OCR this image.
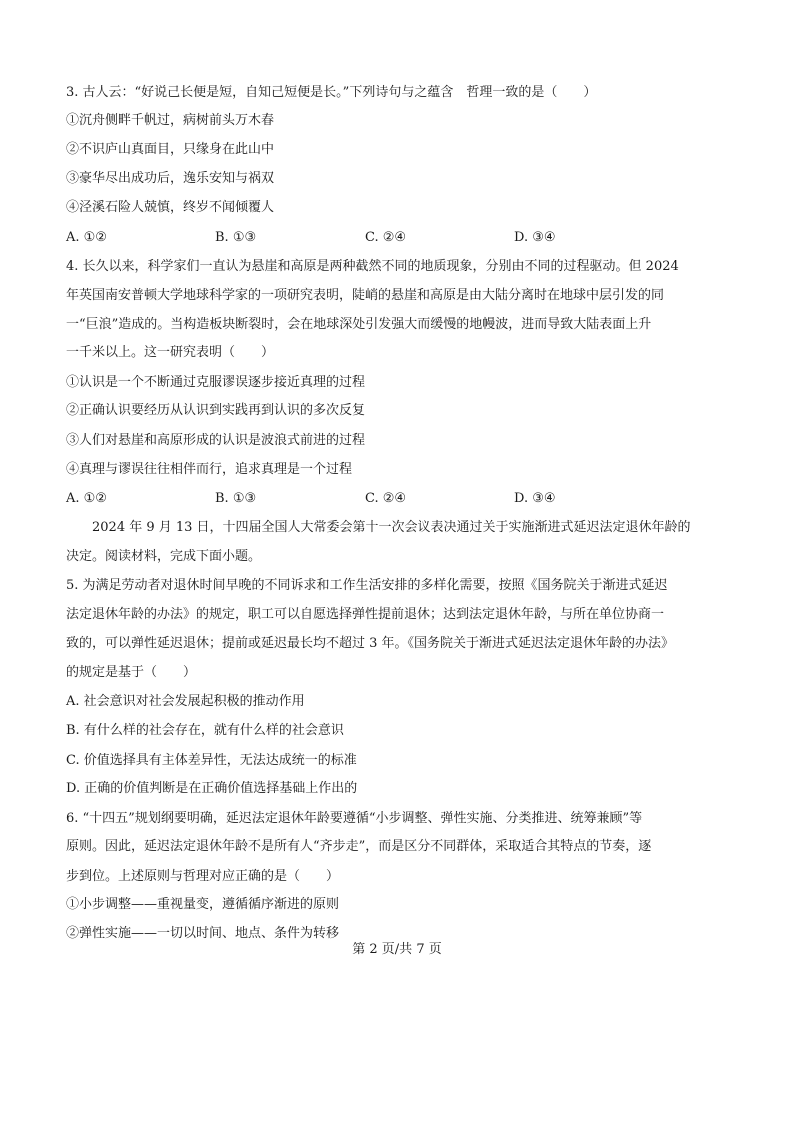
3. 古人云：“好说己长便是短，自知己短便是长。”下列诗句与之蕴含　哲理一致的是（　　）
①沉舟侧畔千帆过，病树前头万木春
②不识庐山真面目，只缘身在此山中
③豪华尽出成功后，逸乐安知与祸双
④泾溪石险人兢慎，终岁不闻倾覆人
A. ①②	B. ①③	C. ②④	D. ③④
4. 长久以来，科学家们一直认为悬崖和高原是两种截然不同的地质现象，分别由不同的过程驱动。但 2024
年英国南安普顿大学地球科学家的一项研究表明，陡峭的悬崖和高原是由大陆分离时在地球中层引发的同
一“巨浪”造成的。当构造板块断裂时，会在地球深处引发强大而缓慢的地幔波，进而导致大陆表面上升
一千米以上。这一研究表明（　　）
①认识是一个不断通过克服谬误逐步接近真理的过程
②正确认识要经历从认识到实践再到认识的多次反复
③人们对悬崖和高原形成的认识是波浪式前进的过程
④真理与谬误往往相伴而行，追求真理是一个过程
A. ①②	B. ①③	C. ②④	D. ③④
2024 年 9 月 13 日，十四届全国人大常委会第十一次会议表决通过关于实施渐进式延迟法定退休年龄的
决定。阅读材料，完成下面小题。
5. 为满足劳动者对退休时间早晚的不同诉求和工作生活安排的多样化需要，按照《国务院关于渐进式延迟
法定退休年龄的办法》的规定，职工可以自愿选择弹性提前退休；达到法定退休年龄，与所在单位协商一
致的，可以弹性延迟退休；提前或延迟最长均不超过 3 年。《国务院关于渐进式延迟法定退休年龄的办法》
的规定是基于（　　）
A. 社会意识对社会发展起积极的推动作用
B. 有什么样的社会存在，就有什么样的社会意识
C. 价值选择具有主体差异性，无法达成统一的标准
D. 正确的价值判断是在正确价值选择基础上作出的
6. “十四五”规划纲要明确，延迟法定退休年龄要遵循“小步调整、弹性实施、分类推进、统筹兼顾”等
原则。因此，延迟法定退休年龄不是所有人“齐步走”，而是区分不同群体，采取适合其特点的节奏，逐
步到位。上述原则与哲理对应正确的是（　　）
①小步调整——重视量变，遵循循序渐进的原则
②弹性实施——一切以时间、地点、条件为转移
第 2 页/共 7 页
